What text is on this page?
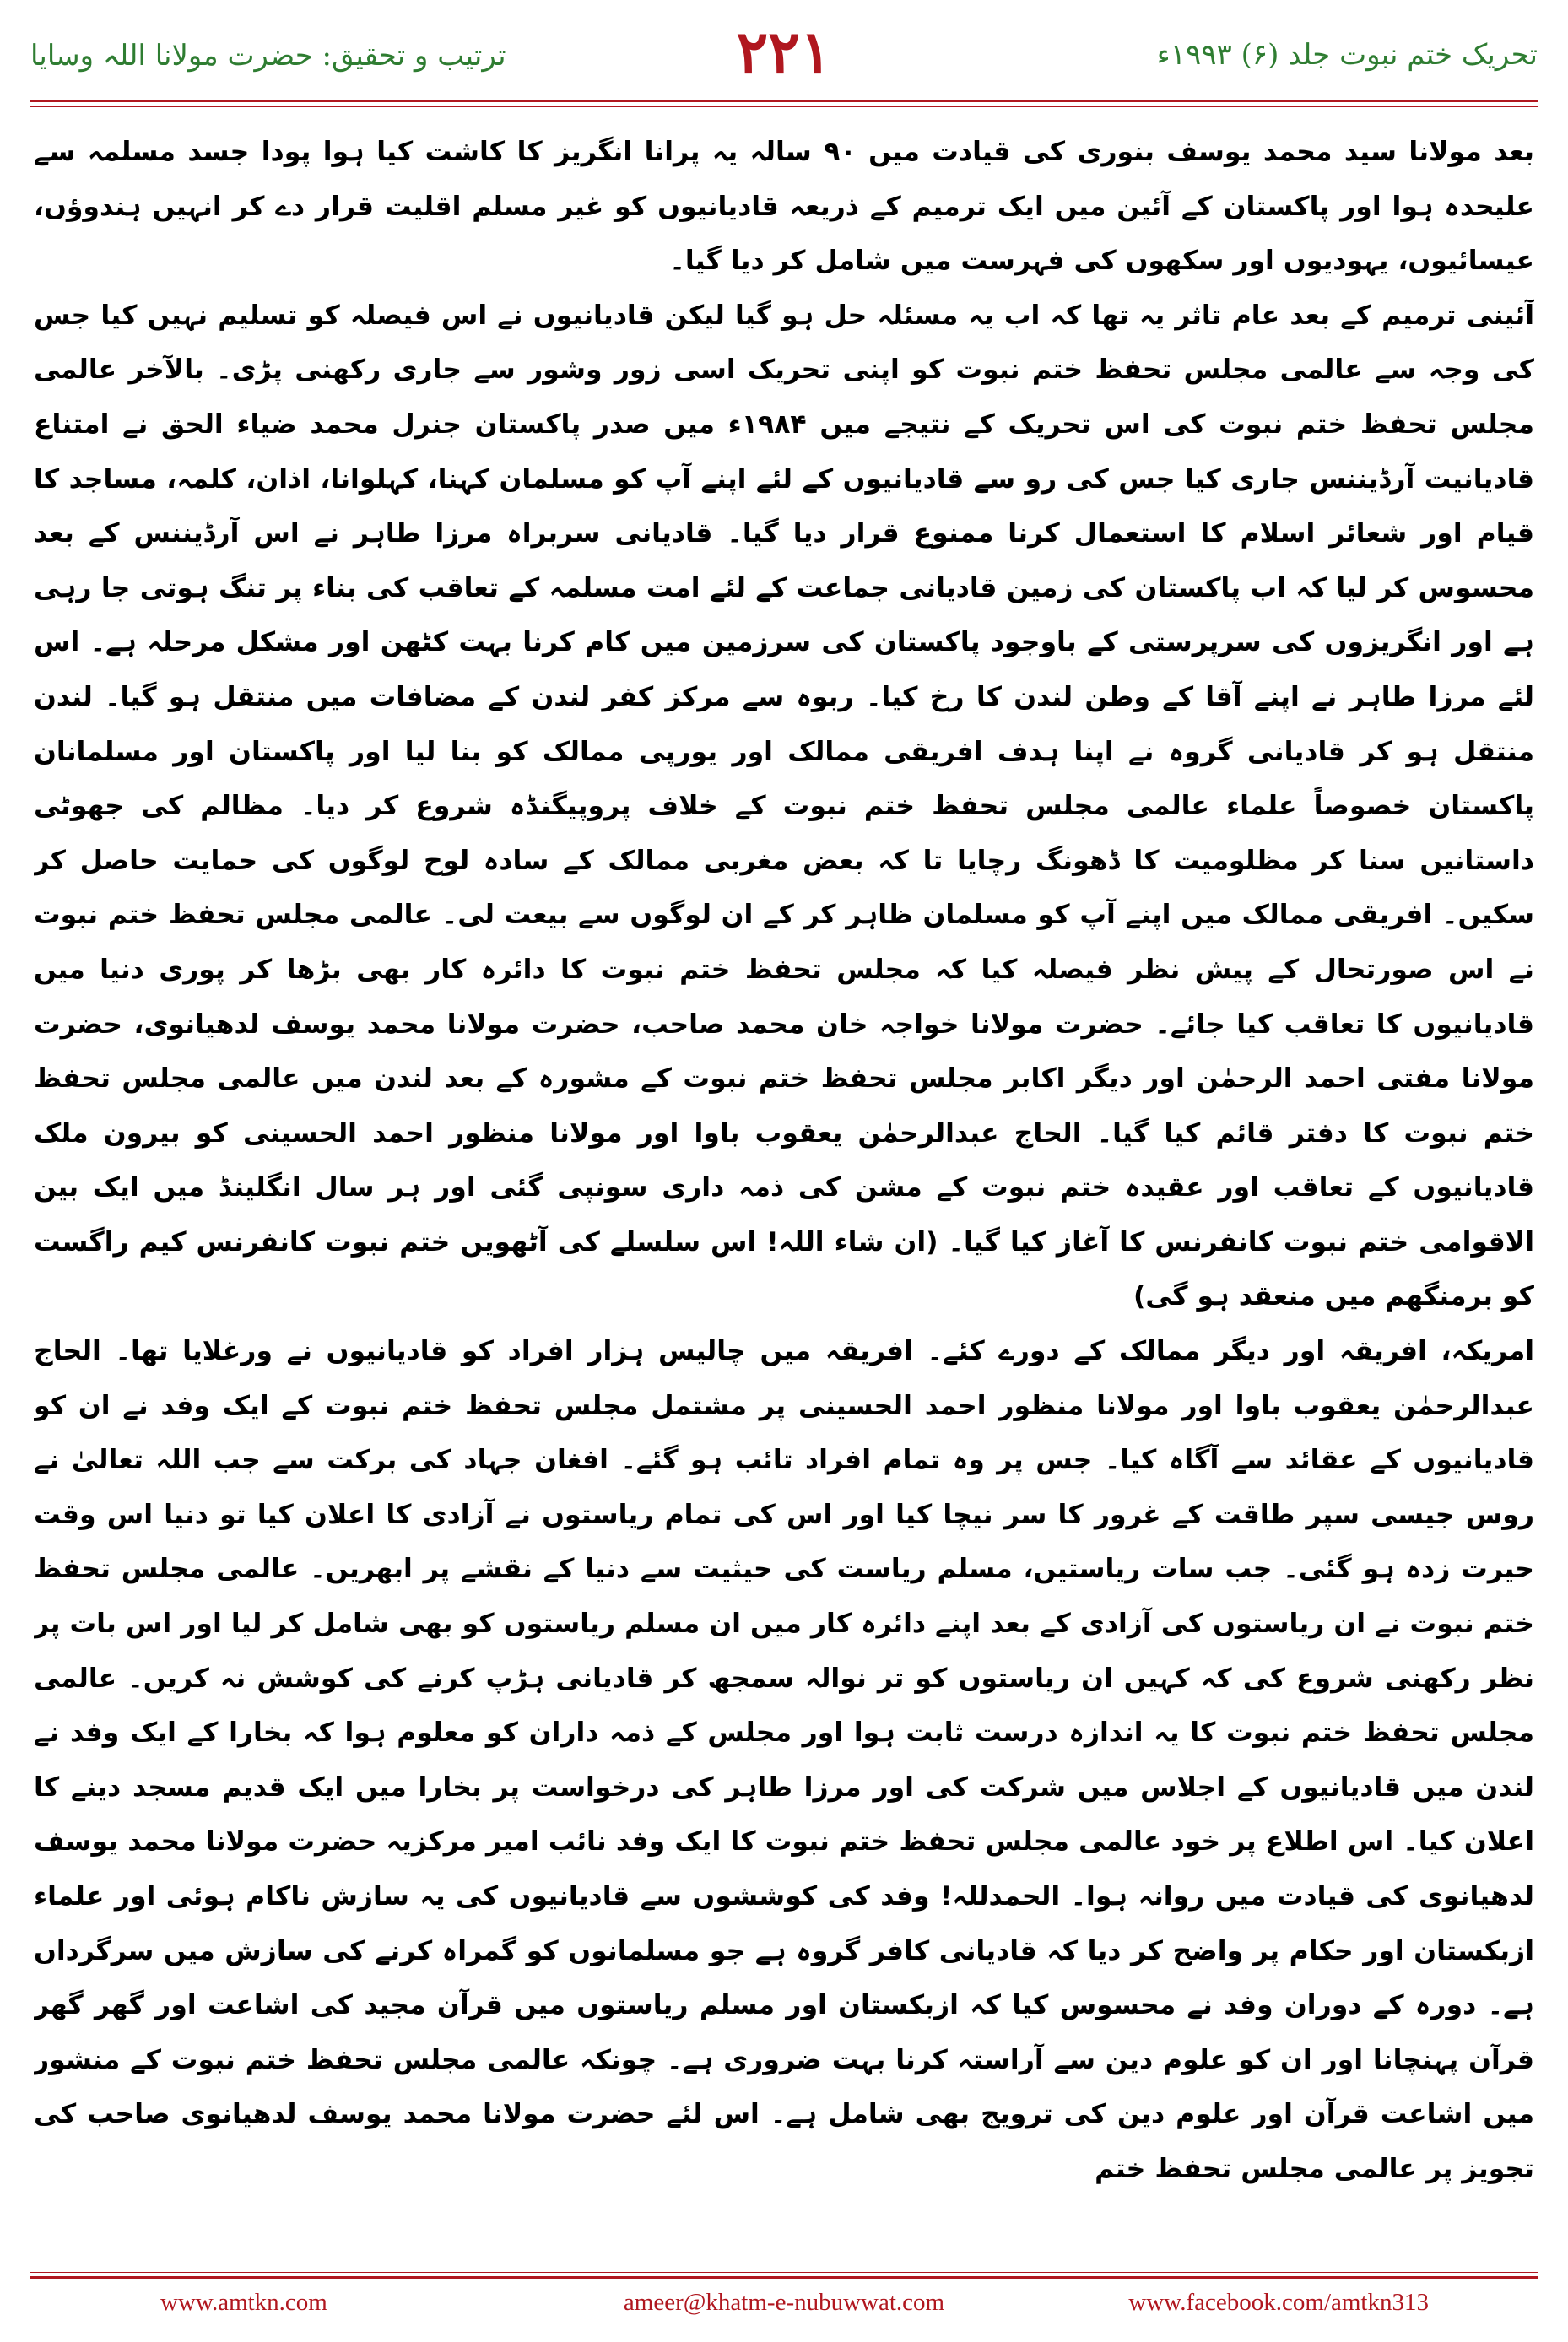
ترتیب و تحقیق: حضرت مولانا اللہ وسایا	۲۲۱	تحریک ختم نبوت جلد (۶) ۱۹۹۳ء

بعد مولانا سید محمد یوسف بنوری کی قیادت میں ۹۰ سالہ یہ پرانا انگریز کا کاشت کیا ہوا پودا جسد مسلمہ سے علیحدہ ہوا اور پاکستان کے آئین میں ایک ترمیم کے ذریعہ قادیانیوں کو غیر مسلم اقلیت قرار دے کر انہیں ہندوؤں، عیسائیوں، یہودیوں اور سکھوں کی فہرست میں شامل کر دیا گیا۔

آئینی ترمیم کے بعد عام تاثر یہ تھا کہ اب یہ مسئلہ حل ہو گیا لیکن قادیانیوں نے اس فیصلہ کو تسلیم نہیں کیا جس کی وجہ سے عالمی مجلس تحفظ ختم نبوت کو اپنی تحریک اسی زور وشور سے جاری رکھنی پڑی۔ بالآخر عالمی مجلس تحفظ ختم نبوت کی اس تحریک کے نتیجے میں ۱۹۸۴ء میں صدر پاکستان جنرل محمد ضیاء الحق نے امتناع قادیانیت آرڈیننس جاری کیا جس کی رو سے قادیانیوں کے لئے اپنے آپ کو مسلمان کہنا، کہلوانا، اذان، کلمہ، مساجد کا قیام اور شعائر اسلام کا استعمال کرنا ممنوع قرار دیا گیا۔ قادیانی سربراہ مرزا طاہر نے اس آرڈیننس کے بعد محسوس کر لیا کہ اب پاکستان کی زمین قادیانی جماعت کے لئے امت مسلمہ کے تعاقب کی بناء پر تنگ ہوتی جا رہی ہے اور انگریزوں کی سرپرستی کے باوجود پاکستان کی سرزمین میں کام کرنا بہت کٹھن اور مشکل مرحلہ ہے۔ اس لئے مرزا طاہر نے اپنے آقا کے وطن لندن کا رخ کیا۔ ربوہ سے مرکز کفر لندن کے مضافات میں منتقل ہو گیا۔ لندن منتقل ہو کر قادیانی گروہ نے اپنا ہدف افریقی ممالک اور یورپی ممالک کو بنا لیا اور پاکستان اور مسلمانان پاکستان خصوصاً علماء عالمی مجلس تحفظ ختم نبوت کے خلاف پروپیگنڈہ شروع کر دیا۔ مظالم کی جھوٹی داستانیں سنا کر مظلومیت کا ڈھونگ رچایا تا کہ بعض مغربی ممالک کے سادہ لوح لوگوں کی حمایت حاصل کر سکیں۔ افریقی ممالک میں اپنے آپ کو مسلمان ظاہر کر کے ان لوگوں سے بیعت لی۔ عالمی مجلس تحفظ ختم نبوت نے اس صورتحال کے پیش نظر فیصلہ کیا کہ مجلس تحفظ ختم نبوت کا دائرہ کار بھی بڑھا کر پوری دنیا میں قادیانیوں کا تعاقب کیا جائے۔ حضرت مولانا خواجہ خان محمد صاحب، حضرت مولانا محمد یوسف لدھیانوی، حضرت مولانا مفتی احمد الرحمٰن اور دیگر اکابر مجلس تحفظ ختم نبوت کے مشورہ کے بعد لندن میں عالمی مجلس تحفظ ختم نبوت کا دفتر قائم کیا گیا۔ الحاج عبدالرحمٰن یعقوب باوا اور مولانا منظور احمد الحسینی کو بیرون ملک قادیانیوں کے تعاقب اور عقیدہ ختم نبوت کے مشن کی ذمہ داری سونپی گئی اور ہر سال انگلینڈ میں ایک بین الاقوامی ختم نبوت کانفرنس کا آغاز کیا گیا۔ (ان شاء اللہ! اس سلسلے کی آٹھویں ختم نبوت کانفرنس کیم راگست کو برمنگھم میں منعقد ہو گی)

امریکہ، افریقہ اور دیگر ممالک کے دورے کئے۔ افریقہ میں چالیس ہزار افراد کو قادیانیوں نے ورغلایا تھا۔ الحاج عبدالرحمٰن یعقوب باوا اور مولانا منظور احمد الحسینی پر مشتمل مجلس تحفظ ختم نبوت کے ایک وفد نے ان کو قادیانیوں کے عقائد سے آگاہ کیا۔ جس پر وہ تمام افراد تائب ہو گئے۔ افغان جہاد کی برکت سے جب اللہ تعالیٰ نے روس جیسی سپر طاقت کے غرور کا سر نیچا کیا اور اس کی تمام ریاستوں نے آزادی کا اعلان کیا تو دنیا اس وقت حیرت زدہ ہو گئی۔ جب سات ریاستیں، مسلم ریاست کی حیثیت سے دنیا کے نقشے پر ابھریں۔ عالمی مجلس تحفظ ختم نبوت نے ان ریاستوں کی آزادی کے بعد اپنے دائرہ کار میں ان مسلم ریاستوں کو بھی شامل کر لیا اور اس بات پر نظر رکھنی شروع کی کہ کہیں ان ریاستوں کو تر نوالہ سمجھ کر قادیانی ہڑپ کرنے کی کوشش نہ کریں۔ عالمی مجلس تحفظ ختم نبوت کا یہ اندازہ درست ثابت ہوا اور مجلس کے ذمہ داران کو معلوم ہوا کہ بخارا کے ایک وفد نے لندن میں قادیانیوں کے اجلاس میں شرکت کی اور مرزا طاہر کی درخواست پر بخارا میں ایک قدیم مسجد دینے کا اعلان کیا۔ اس اطلاع پر خود عالمی مجلس تحفظ ختم نبوت کا ایک وفد نائب امیر مرکزیہ حضرت مولانا محمد یوسف لدھیانوی کی قیادت میں روانہ ہوا۔ الحمدللہ! وفد کی کوششوں سے قادیانیوں کی یہ سازش ناکام ہوئی اور علماء ازبکستان اور حکام پر واضح کر دیا کہ قادیانی کافر گروہ ہے جو مسلمانوں کو گمراہ کرنے کی سازش میں سرگرداں ہے۔ دورہ کے دوران وفد نے محسوس کیا کہ ازبکستان اور مسلم ریاستوں میں قرآن مجید کی اشاعت اور گھر گھر قرآن پہنچانا اور ان کو علوم دین سے آراستہ کرنا بہت ضروری ہے۔ چونکہ عالمی مجلس تحفظ ختم نبوت کے منشور میں اشاعت قرآن اور علوم دین کی ترویج بھی شامل ہے۔ اس لئے حضرت مولانا محمد یوسف لدھیانوی صاحب کی تجویز پر عالمی مجلس تحفظ ختم

www.amtkn.com	ameer@khatm-e-nubuwwat.com	www.facebook.com/amtkn313
